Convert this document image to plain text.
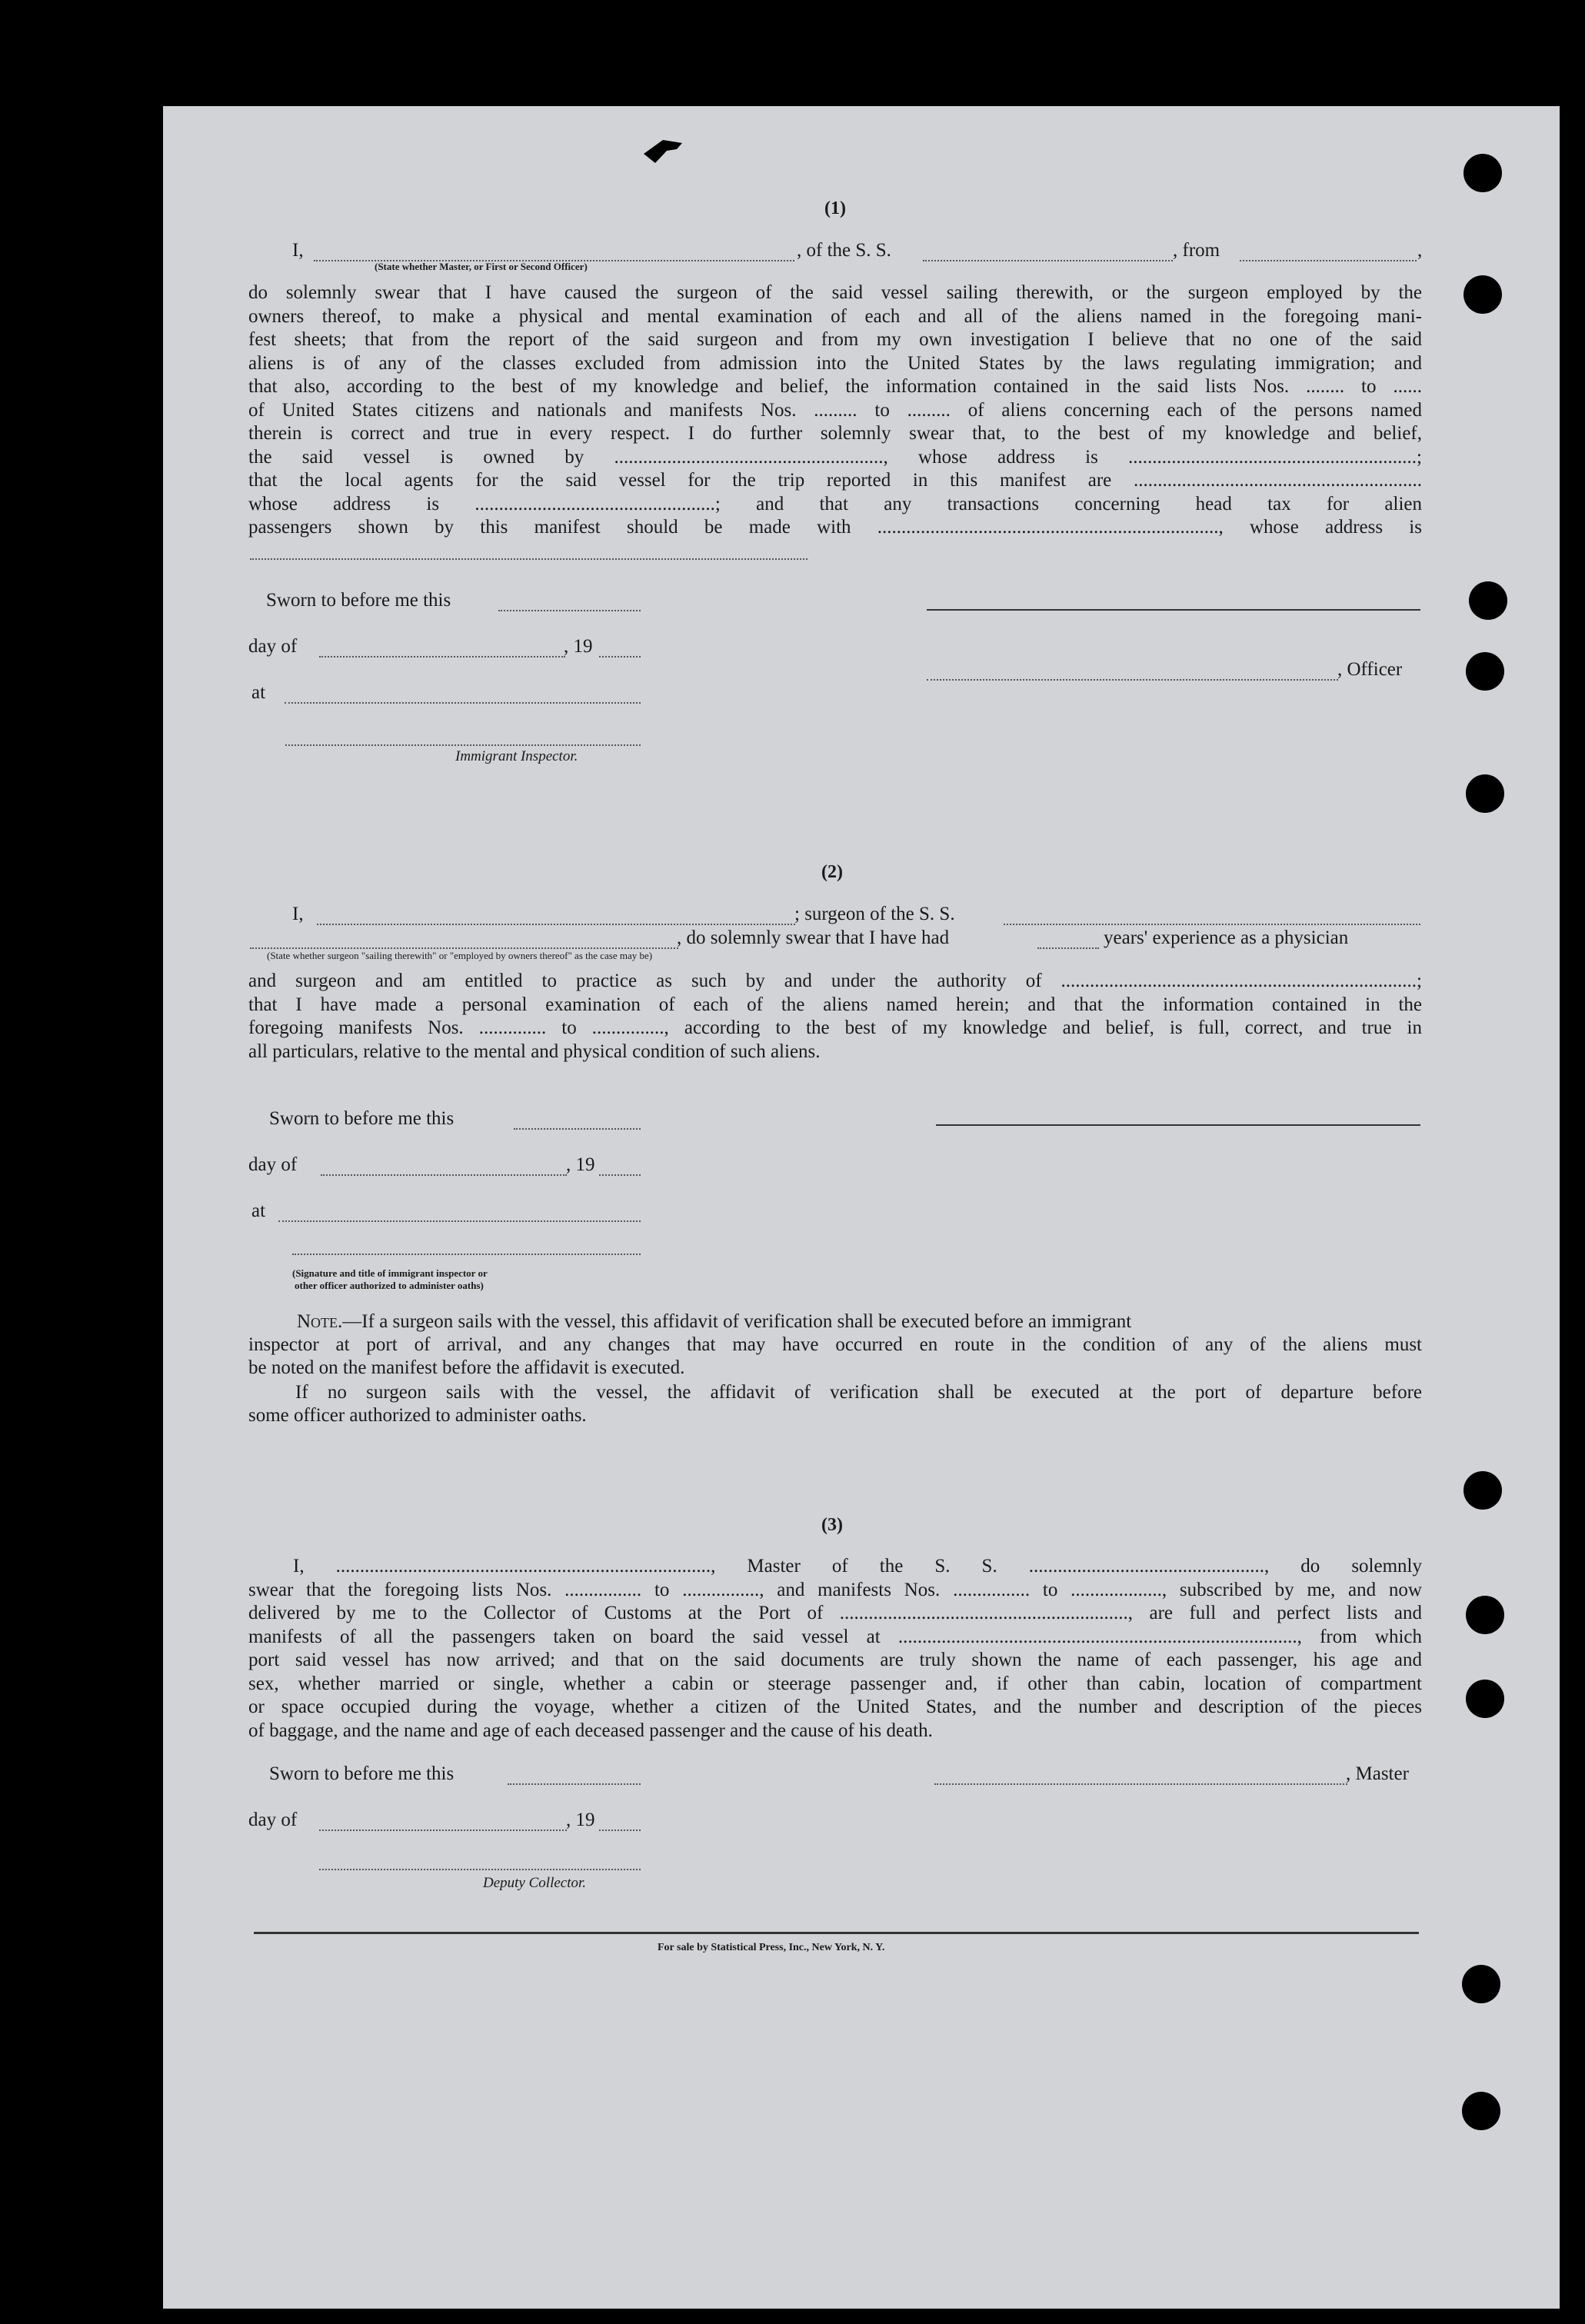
(1)
I,	, of the S. S.	, from	,
(State whether Master, or First or Second Officer)
do solemnly swear that I have caused the surgeon of the said vessel sailing therewith, or the surgeon employed by the
owners thereof, to make a physical and mental examination of each and all of the aliens named in the foregoing mani-
fest sheets; that from the report of the said surgeon and from my own investigation I believe that no one of the said
aliens is of any of the classes excluded from admission into the United States by the laws regulating immigration; and
that also, according to the best of my knowledge and belief, the information contained in the said lists Nos. ........ to ......
of United States citizens and nationals and manifests Nos. ......... to ......... of aliens concerning each of the persons named
therein is correct and true in every respect. I do further solemnly swear that, to the best of my knowledge and belief,
the said vessel is owned by ........................................................, whose address is ............................................................;
that the local agents for the said vessel for the trip reported in this manifest are ............................................................
whose address is ..................................................; and that any transactions concerning head tax for alien
passengers shown by this manifest should be made with ......................................................................., whose address is
Sworn to before me this
day of	, 19
, Officer
at
Immigrant Inspector.
(2)
I,	; surgeon of the S. S.
, do solemnly swear that I have had	years' experience as a physician
(State whether surgeon "sailing therewith" or "employed by owners thereof" as the case may be)
and surgeon and am entitled to practice as such by and under the authority of ..........................................................................;
that I have made a personal examination of each of the aliens named herein; and that the information contained in the
foregoing manifests Nos. .............. to ..............., according to the best of my knowledge and belief, is full, correct, and true in
all particulars, relative to the mental and physical condition of such aliens.
Sworn to before me this
day of	, 19
at
(Signature and title of immigrant inspector or
other officer authorized to administer oaths)
Note.—If a surgeon sails with the vessel, this affidavit of verification shall be executed before an immigrant
inspector at port of arrival, and any changes that may have occurred en route in the condition of any of the aliens must
be noted on the manifest before the affidavit is executed.
If no surgeon sails with the vessel, the affidavit of verification shall be executed at the port of departure before
some officer authorized to administer oaths.
(3)
I, .............................................................................., Master of the S. S. ................................................., do solemnly
swear that the foregoing lists Nos. ................ to ................, and manifests Nos. ................ to ..................., subscribed by me, and now
delivered by me to the Collector of Customs at the Port of ............................................................, are full and perfect lists and
manifests of all the passengers taken on board the said vessel at ..................................................................................., from which
port said vessel has now arrived; and that on the said documents are truly shown the name of each passenger, his age and
sex, whether married or single, whether a cabin or steerage passenger and, if other than cabin, location of compartment
or space occupied during the voyage, whether a citizen of the United States, and the number and description of the pieces
of baggage, and the name and age of each deceased passenger and the cause of his death.
Sworn to before me this	, Master
day of	, 19
Deputy Collector.
For sale by Statistical Press, Inc., New York, N. Y.
